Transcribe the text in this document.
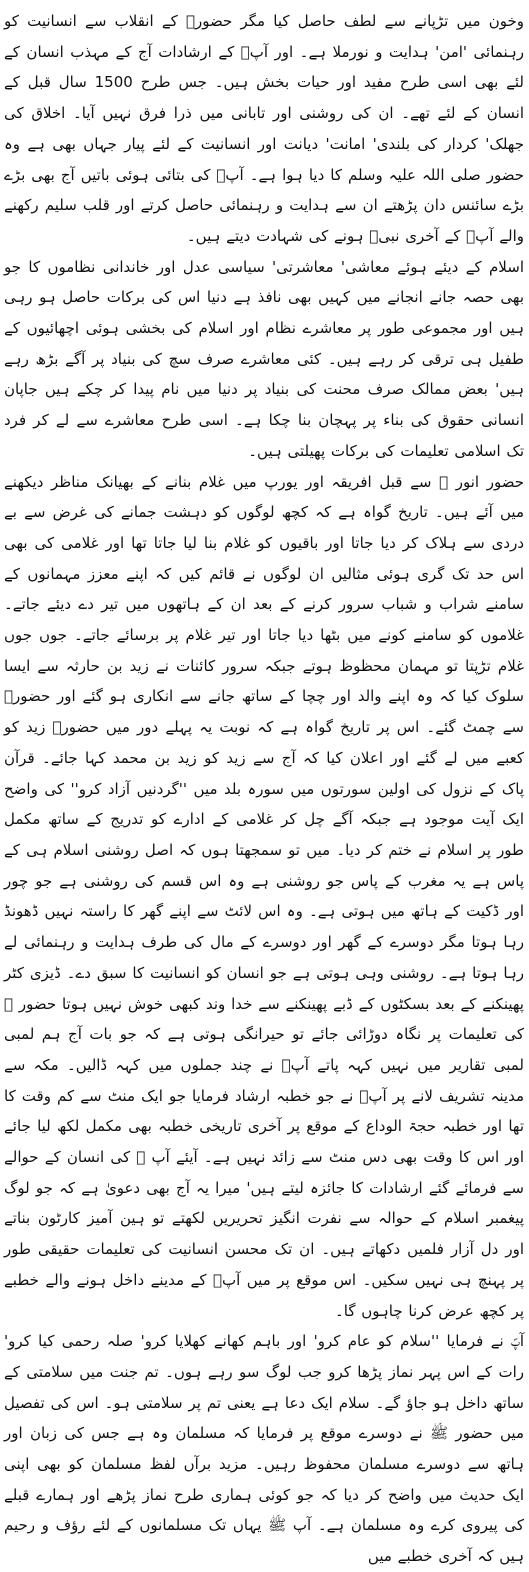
وخون میں تڑپانے سے لطف حاصل کیا مگر حضورؐ کے انقلاب سے انسانیت کو رہنمائی 'امن' ہدایت و نورملا ہے۔ اور آپؐ کے ارشادات آج کے مہذب انسان کے لئے بھی اسی طرح مفید اور حیات بخش ہیں۔ جس طرح 1500 سال قبل کے انسان کے لئے تھے۔ ان کی روشنی اور تابانی میں ذرا فرق نہیں آیا۔ اخلاق کی جھلک' کردار کی بلندی' امانت' دیانت اور انسانیت کے لئے پیار جہاں بھی ہے وہ حضور صلی اللہ علیہ وسلم کا دیا ہوا ہے۔ آپؐ کی بتائی ہوئی باتیں آج بھی بڑے بڑے سائنس دان پڑھتے ان سے ہدایت و رہنمائی حاصل کرتے اور قلب سلیم رکھنے والے آپؐ کے آخری نبیؐ ہونے کی شہادت دیتے ہیں۔

اسلام کے دیئے ہوئے معاشی' معاشرتی' سیاسی عدل اور خاندانی نظاموں کا جو بھی حصہ جانے انجانے میں کہیں بھی نافذ ہے دنیا اس کی برکات حاصل ہو رہی ہیں اور مجموعی طور پر معاشرے نظام اور اسلام کی بخشی ہوئی اچھائیوں کے طفیل ہی ترقی کر رہے ہیں۔ کئی معاشرے صرف سچ کی بنیاد پر آگے بڑھ رہے ہیں' بعض ممالک صرف محنت کی بنیاد پر دنیا میں نام پیدا کر چکے ہیں جاپان انسانی حقوق کی بناء پر پہچان بنا چکا ہے۔ اسی طرح معاشرے سے لے کر فرد تک اسلامی تعلیمات کی برکات پھیلتی ہیں۔

حضور انور ﷺ سے قبل افریقہ اور یورپ میں غلام بنانے کے بھیانک مناظر دیکھنے میں آئے ہیں۔ تاریخ گواہ ہے کہ کچھ لوگوں کو دہشت جمانے کی غرض سے بے دردی سے ہلاک کر دیا جاتا اور باقیوں کو غلام بنا لیا جاتا تھا اور غلامی کی بھی اس حد تک گری ہوئی مثالیں ان لوگوں نے قائم کیں کہ اپنے معزز مہمانوں کے سامنے شراب و شباب سرور کرنے کے بعد ان کے ہاتھوں میں تیر دے دیئے جاتے۔ غلاموں کو سامنے کونے میں بٹھا دیا جاتا اور تیر غلام پر برسائے جاتے۔ جوں جوں غلام تڑپتا تو مہمان محظوظ ہوتے جبکہ سرور کائنات نے زید بن حارثہ سے ایسا سلوک کیا کہ وہ اپنے والد اور چچا کے ساتھ جانے سے انکاری ہو گئے اور حضورؐ سے چمٹ گئے۔ اس پر تاریخ گواہ ہے کہ نوبت یہ پہلے دور میں حضورؐ زید کو کعبے میں لے گئے اور اعلان کیا کہ آج سے زید کو زید بن محمد کہا جائے۔ قرآن پاک کے نزول کی اولین سورتوں میں سورہ بلد میں ''گردنیں آزاد کرو'' کی واضح ایک آیت موجود ہے جبکہ آگے چل کر غلامی کے ادارے کو تدریج کے ساتھ مکمل طور پر اسلام نے ختم کر دیا۔ میں تو سمجھتا ہوں کہ اصل روشنی اسلام ہی کے پاس ہے یہ مغرب کے پاس جو روشنی ہے وہ اس قسم کی روشنی ہے جو چور اور ڈکیت کے ہاتھ میں ہوتی ہے۔ وہ اس لائٹ سے اپنے گھر کا راستہ نہیں ڈھونڈ رہا ہوتا مگر دوسرے کے گھر اور دوسرے کے مال کی طرف ہدایت و رہنمائی لے رہا ہوتا ہے۔ روشنی وہی ہوتی ہے جو انسان کو انسانیت کا سبق دے۔ ڈیزی کٹر پھینکنے کے بعد بسکٹوں کے ڈبے پھینکنے سے خدا وند کبھی خوش نہیں ہوتا حضور ﷺ کی تعلیمات پر نگاہ دوڑائی جائے تو حیرانگی ہوتی ہے کہ جو بات آج ہم لمبی لمبی تقاریر میں نہیں کہہ پاتے آپؐ نے چند جملوں میں کہہ ڈالیں۔ مکہ سے مدینہ تشریف لانے پر آپؐ نے جو خطبہ ارشاد فرمایا جو ایک منٹ سے کم وقت کا تھا اور خطبہ حجۃ الوداع کے موقع پر آخری تاریخی خطبہ بھی مکمل لکھ لیا جائے اور اس کا وقت بھی دس منٹ سے زائد نہیں ہے۔ آیئے آپ ﷺ کی انسان کے حوالے سے فرمائے گئے ارشادات کا جائزہ لیتے ہیں' میرا یہ آج بھی دعویٰ ہے کہ جو لوگ پیغمبر اسلام کے حوالہ سے نفرت انگیز تحریریں لکھتے تو ہین آمیز کارٹون بناتے اور دل آزار فلمیں دکھاتے ہیں۔ ان تک محسن انسانیت کی تعلیمات حقیقی طور پر پہنچ ہی نہیں سکیں۔ اس موقع پر میں آپؐ کے مدینے داخل ہونے والے خطبے پر کچھ عرض کرنا چاہوں گا۔

آپؐ نے فرمایا ''سلام کو عام کرو' اور باہم کھانے کھلایا کرو' صلہ رحمی کیا کرو' رات کے اس پہر نماز پڑھا کرو جب لوگ سو رہے ہوں۔ تم جنت میں سلامتی کے ساتھ داخل ہو جاؤ گے۔ سلام ایک دعا ہے یعنی تم پر سلامتی ہو۔ اس کی تفصیل میں حضور ﷺ نے دوسرے موقع پر فرمایا کہ مسلمان وہ ہے جس کی زبان اور ہاتھ سے دوسرے مسلمان محفوظ رہیں۔ مزید برآں لفظ مسلمان کو بھی اپنی ایک حدیث میں واضح کر دیا کہ جو کوئی ہماری طرح نماز پڑھے اور ہمارے قبلے کی پیروی کرے وہ مسلمان ہے۔ آپ ﷺ یہاں تک مسلمانوں کے لئے رؤف و رحیم ہیں کہ آخری خطبے میں
